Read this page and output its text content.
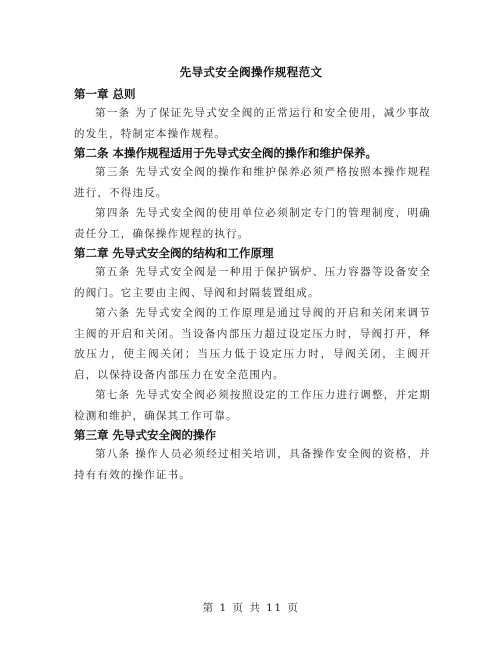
先导式安全阀操作规程范文

第一章 总则

第一条 为了保证先导式安全阀的正常运行和安全使用，减少事故的发生，特制定本操作规程。

第二条 本操作规程适用于先导式安全阀的操作和维护保养。

第三条 先导式安全阀的操作和维护保养必须严格按照本操作规程进行，不得违反。

第四条 先导式安全阀的使用单位必须制定专门的管理制度，明确责任分工，确保操作规程的执行。

第二章 先导式安全阀的结构和工作原理

第五条 先导式安全阀是一种用于保护锅炉、压力容器等设备安全的阀门。它主要由主阀、导阀和封隔装置组成。

第六条 先导式安全阀的工作原理是通过导阀的开启和关闭来调节主阀的开启和关闭。当设备内部压力超过设定压力时，导阀打开，释放压力，使主阀关闭；当压力低于设定压力时，导阀关闭，主阀开启，以保持设备内部压力在安全范围内。

第七条 先导式安全阀必须按照设定的工作压力进行调整，并定期检测和维护，确保其工作可靠。

第三章 先导式安全阀的操作

第八条 操作人员必须经过相关培训，具备操作安全阀的资格，并持有有效的操作证书。

第 1 页 共 11 页
